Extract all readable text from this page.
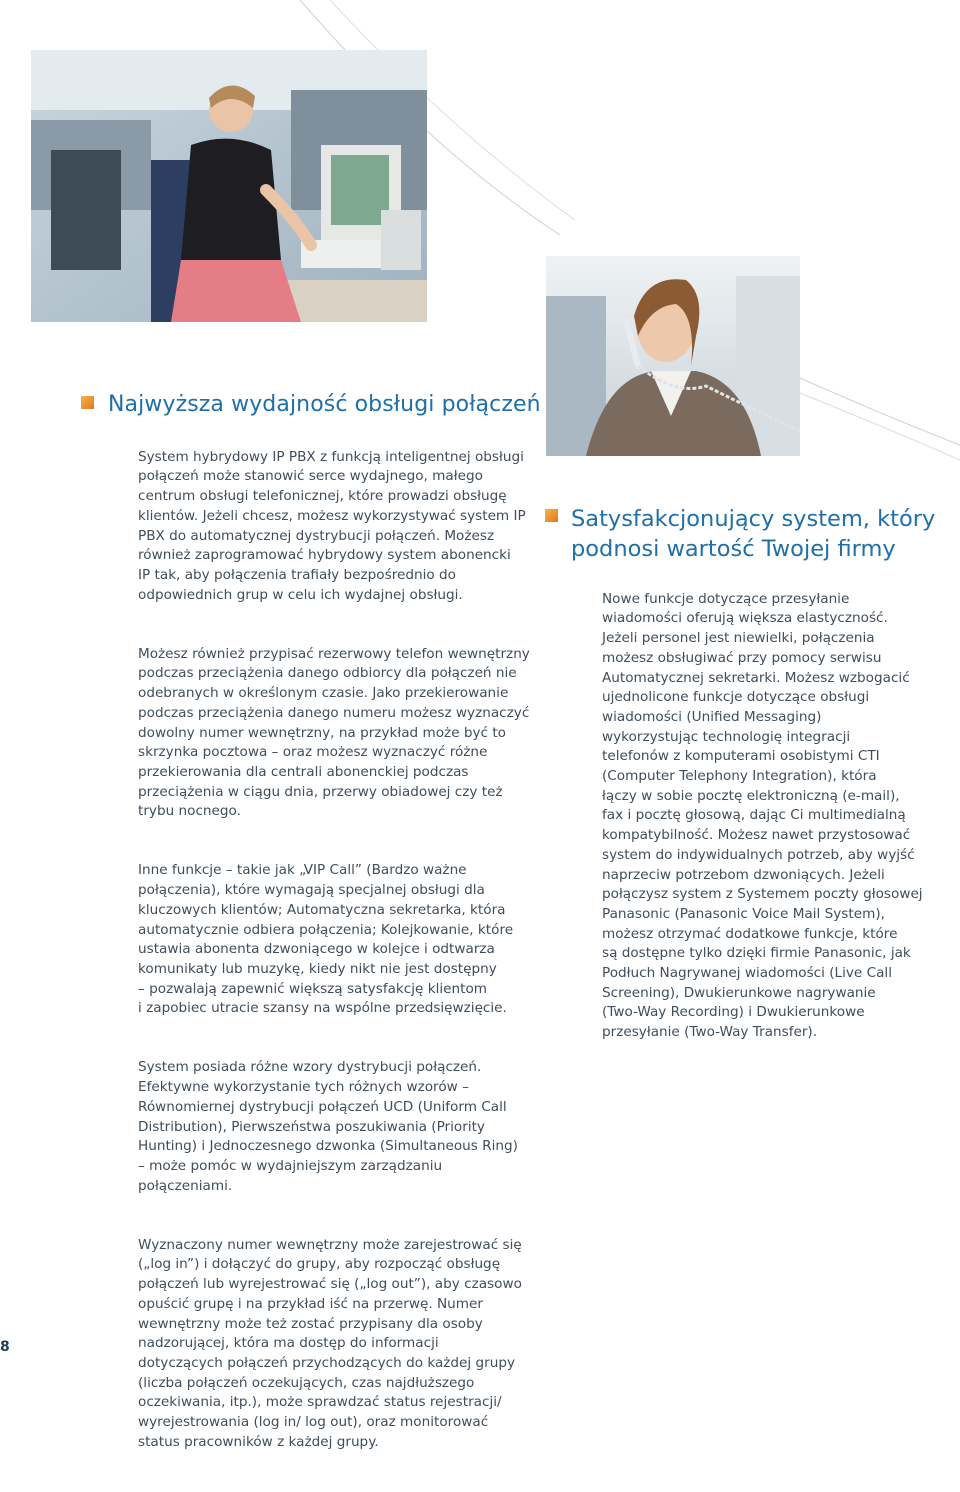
Najwyższa wydajność obsługi połączeń

System hybrydowy IP PBX z funkcją inteligentnej obsługi
połączeń może stanowić serce wydajnego, małego
centrum obsługi telefonicznej, które prowadzi obsługę
klientów. Jeżeli chcesz, możesz wykorzystywać system IP
PBX do automatycznej dystrybucji połączeń. Możesz
również zaprogramować hybrydowy system abonencki
IP tak, aby połączenia trafiały bezpośrednio do
odpowiednich grup w celu ich wydajnej obsługi.

Możesz również przypisać rezerwowy telefon wewnętrzny
podczas przeciążenia danego odbiorcy dla połączeń nie
odebranych w określonym czasie. Jako przekierowanie
podczas przeciążenia danego numeru możesz wyznaczyć
dowolny numer wewnętrzny, na przykład może być to
skrzynka pocztowa – oraz możesz wyznaczyć różne
przekierowania dla centrali abonenckiej podczas
przeciążenia w ciągu dnia, przerwy obiadowej czy też
trybu nocnego.

Inne funkcje – takie jak „VIP Call” (Bardzo ważne
połączenia), które wymagają specjalnej obsługi dla
kluczowych klientów; Automatyczna sekretarka, która
automatycznie odbiera połączenia; Kolejkowanie, które
ustawia abonenta dzwoniącego w kolejce i odtwarza
komunikaty lub muzykę, kiedy nikt nie jest dostępny
– pozwalają zapewnić większą satysfakcję klientom
i zapobiec utracie szansy na wspólne przedsięwzięcie.

System posiada różne wzory dystrybucji połączeń.
Efektywne wykorzystanie tych różnych wzorów –
Równomiernej dystrybucji połączeń UCD (Uniform Call
Distribution), Pierwszeństwa poszukiwania (Priority
Hunting) i Jednoczesnego dzwonka (Simultaneous Ring)
– może pomóc w wydajniejszym zarządzaniu połączeniami.

Wyznaczony numer wewnętrzny może zarejestrować się
(„log in”) i dołączyć do grupy, aby rozpocząć obsługę
połączeń lub wyrejestrować się („log out”), aby czasowo
opuścić grupę i na przykład iść na przerwę. Numer
wewnętrzny może też zostać przypisany dla osoby
nadzorującej, która ma dostęp do informacji
dotyczących połączeń przychodzących do każdej grupy
(liczba połączeń oczekujących, czas najdłuższego
oczekiwania, itp.), może sprawdzać status rejestracji/
wyrejestrowania (log in/ log out), oraz monitorować
status pracowników z każdej grupy.

Satysfakcjonujący system, który
podnosi wartość Twojej firmy

Nowe funkcje dotyczące przesyłanie
wiadomości oferują większa elastyczność.
Jeżeli personel jest niewielki, połączenia
możesz obsługiwać przy pomocy serwisu
Automatycznej sekretarki. Możesz wzbogacić
ujednolicone funkcje dotyczące obsługi
wiadomości (Unified Messaging)
wykorzystując technologię integracji
telefonów z komputerami osobistymi CTI
(Computer Telephony Integration), która
łączy w sobie pocztę elektroniczną (e-mail),
fax i pocztę głosową, dając Ci multimedialną
kompatybilność. Możesz nawet przystosować
system do indywidualnych potrzeb, aby wyjść
naprzeciw potrzebom dzwoniących. Jeżeli
połączysz system z Systemem poczty głosowej
Panasonic (Panasonic Voice Mail System),
możesz otrzymać dodatkowe funkcje, które
są dostępne tylko dzięki firmie Panasonic, jak
Podłuch Nagrywanej wiadomości (Live Call
Screening), Dwukierunkowe nagrywanie
(Two-Way Recording) i Dwukierunkowe
przesyłanie (Two-Way Transfer).

8
